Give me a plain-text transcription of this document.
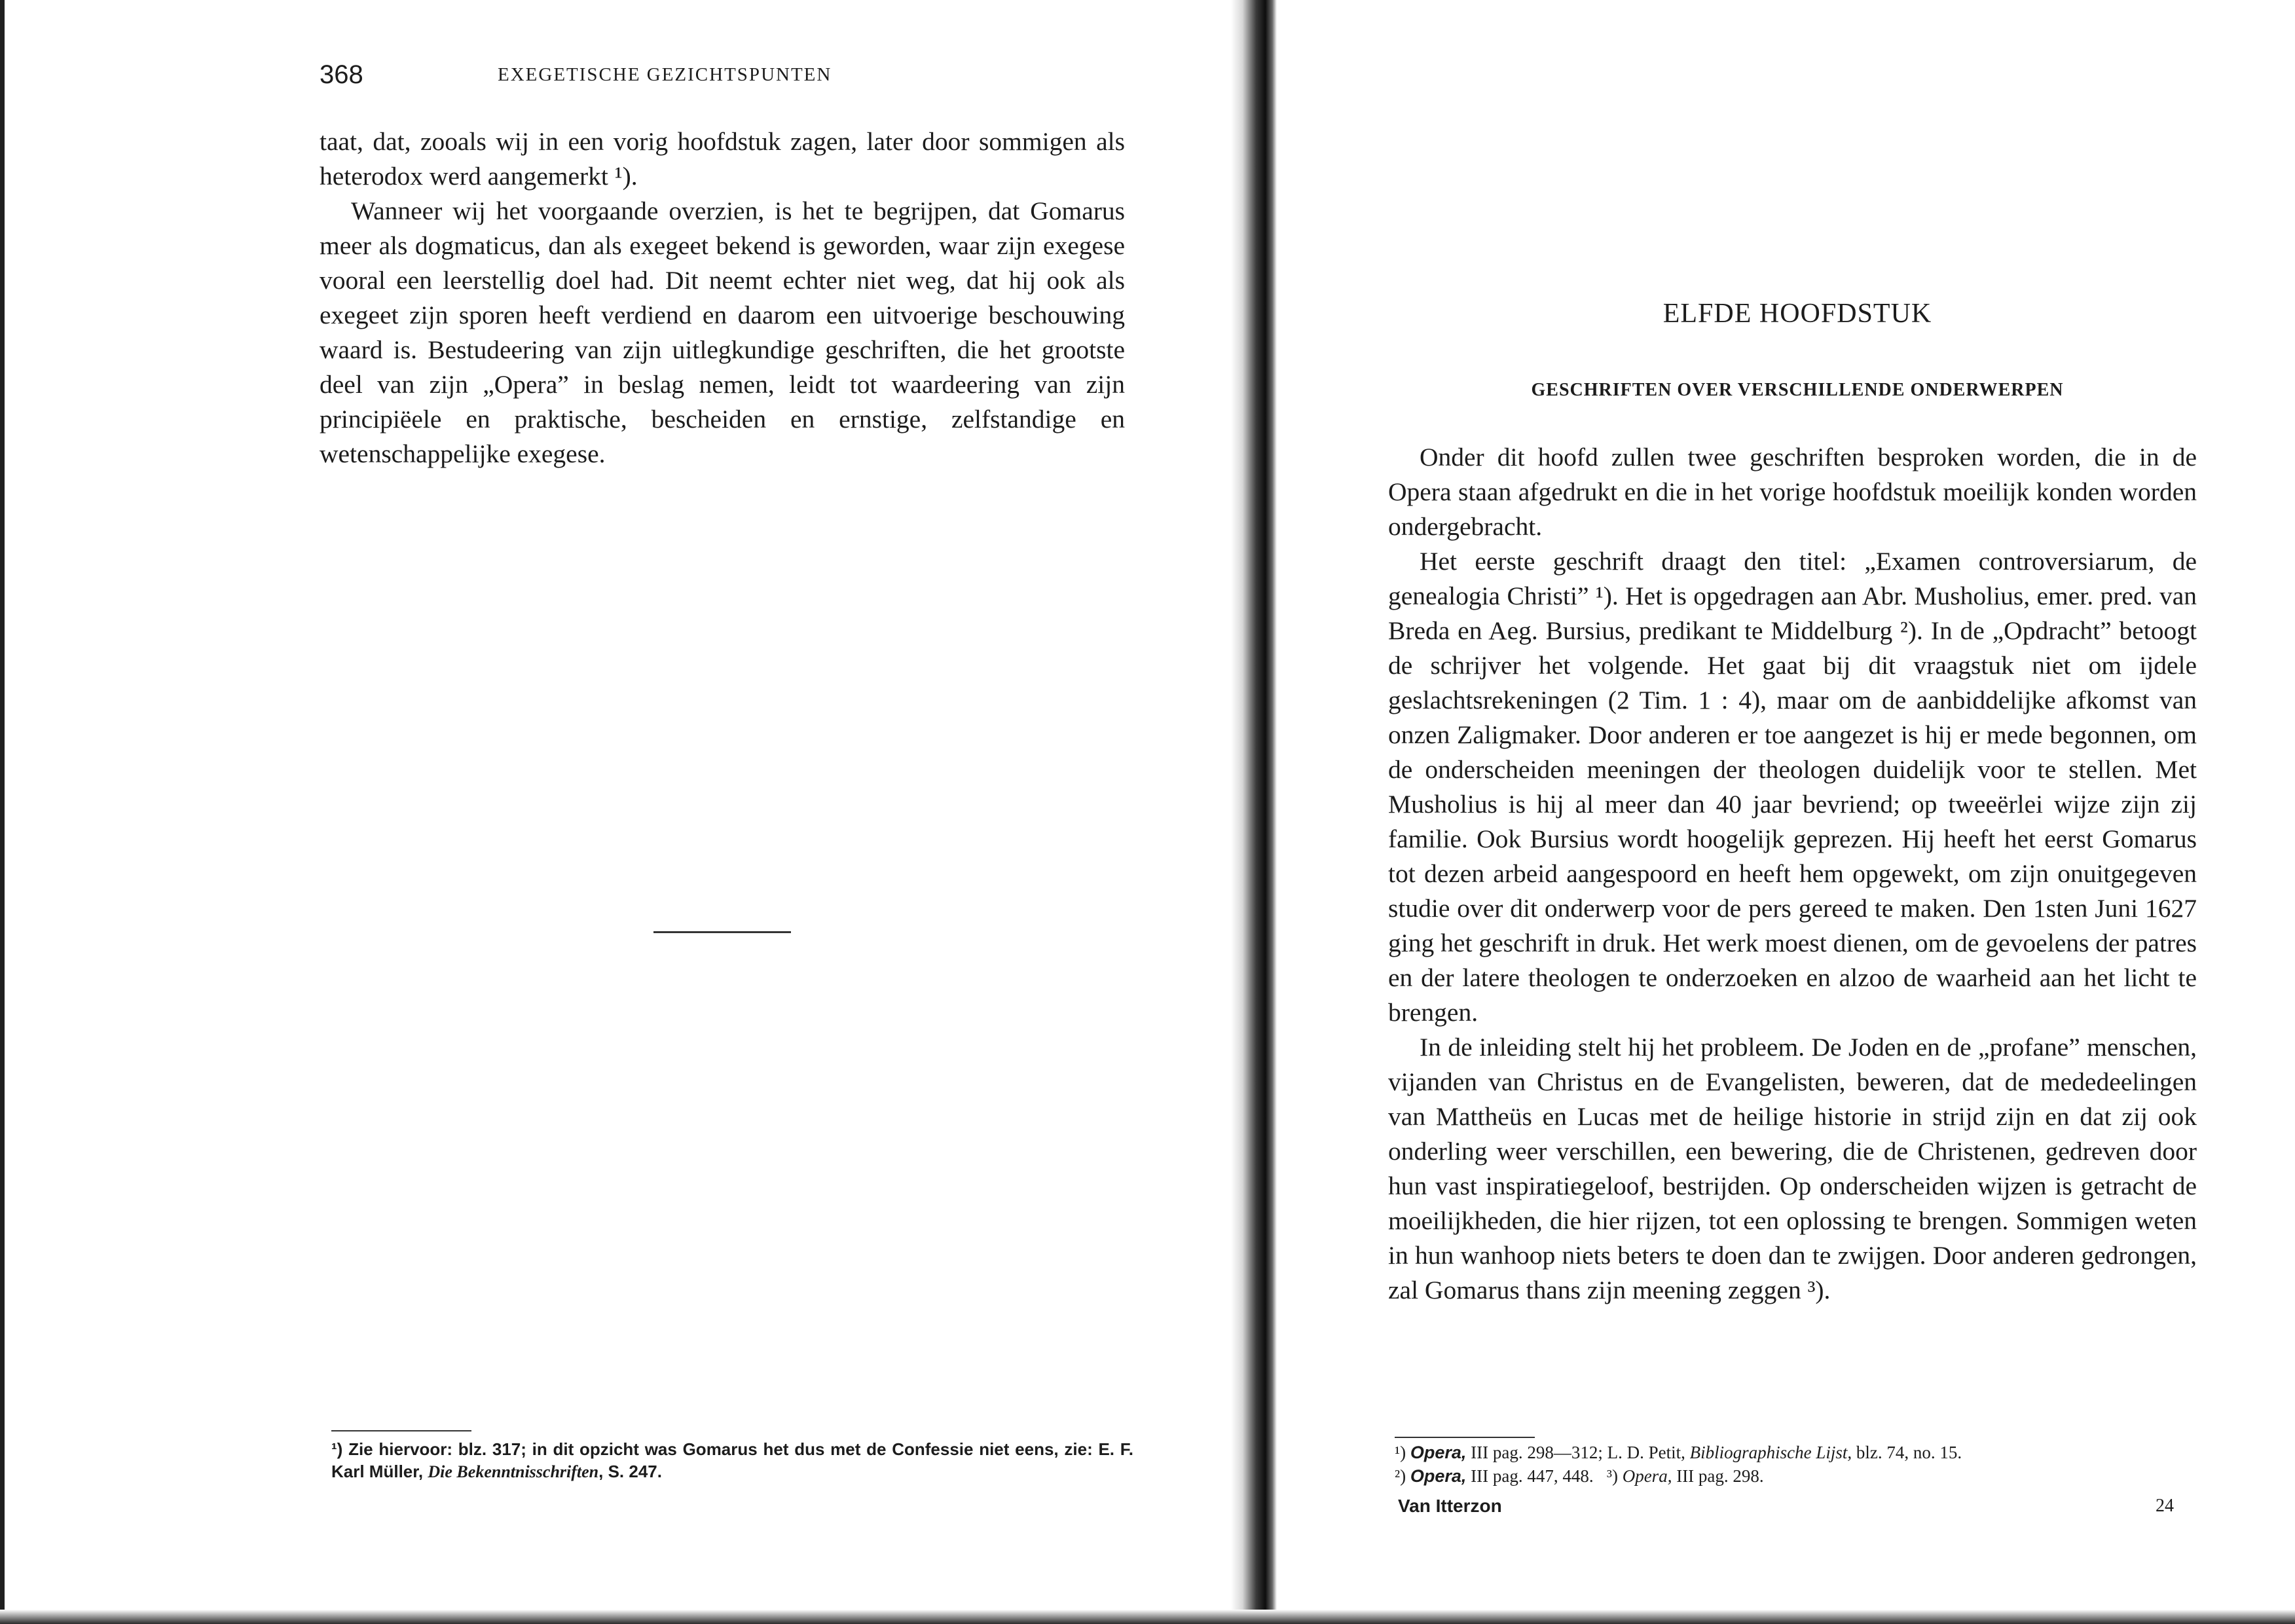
368	EXEGETISCHE GEZICHTSPUNTEN

taat, dat, zooals wij in een vorig hoofdstuk zagen, later door sommigen als heterodox werd aangemerkt ¹).

Wanneer wij het voorgaande overzien, is het te begrijpen, dat Gomarus meer als dogmaticus, dan als exegeet bekend is geworden, waar zijn exegese vooral een leerstellig doel had. Dit neemt echter niet weg, dat hij ook als exegeet zijn sporen heeft verdiend en daarom een uitvoerige beschouwing waard is. Bestudeering van zijn uitlegkundige geschriften, die het grootste deel van zijn „Opera” in beslag nemen, leidt tot waardeering van zijn principiëele en praktische, bescheiden en ernstige, zelfstandige en wetenschappelijke exegese.

¹) Zie hiervoor: blz. 317; in dit opzicht was Gomarus het dus met de Confessie niet eens, zie: E. F. Karl Müller, Die Bekenntnisschriften, S. 247.

ELFDE HOOFDSTUK
GESCHRIFTEN OVER VERSCHILLENDE ONDERWERPEN

Onder dit hoofd zullen twee geschriften besproken worden, die in de Opera staan afgedrukt en die in het vorige hoofdstuk moeilijk konden worden ondergebracht.

Het eerste geschrift draagt den titel: „Examen controversiarum, de genealogia Christi” ¹). Het is opgedragen aan Abr. Musholius, emer. pred. van Breda en Aeg. Bursius, predikant te Middelburg ²). In de „Opdracht” betoogt de schrijver het volgende. Het gaat bij dit vraagstuk niet om ijdele geslachtsrekeningen (2 Tim. 1 : 4), maar om de aanbiddelijke afkomst van onzen Zaligmaker. Door anderen er toe aangezet is hij er mede begonnen, om de onderscheiden meeningen der theologen duidelijk voor te stellen. Met Musholius is hij al meer dan 40 jaar bevriend; op tweeërlei wijze zijn zij familie. Ook Bursius wordt hoogelijk geprezen. Hij heeft het eerst Gomarus tot dezen arbeid aangespoord en heeft hem opgewekt, om zijn onuitgegeven studie over dit onderwerp voor de pers gereed te maken. Den 1sten Juni 1627 ging het geschrift in druk. Het werk moest dienen, om de gevoelens der patres en der latere theologen te onderzoeken en alzoo de waarheid aan het licht te brengen.

In de inleiding stelt hij het probleem. De Joden en de „profane” menschen, vijanden van Christus en de Evangelisten, beweren, dat de mededeelingen van Mattheüs en Lucas met de heilige historie in strijd zijn en dat zij ook onderling weer verschillen, een bewering, die de Christenen, gedreven door hun vast inspiratiegeloof, bestrijden. Op onderscheiden wijzen is getracht de moeilijkheden, die hier rijzen, tot een oplossing te brengen. Sommigen weten in hun wanhoop niets beters te doen dan te zwijgen. Door anderen gedrongen, zal Gomarus thans zijn meening zeggen ³).

¹) Opera, III pag. 298—312; L. D. Petit, Bibliographische Lijst, blz. 74, no. 15.

²) Opera, III pag. 447, 448. ³) Opera, III pag. 298.

Van Itterzon	24
